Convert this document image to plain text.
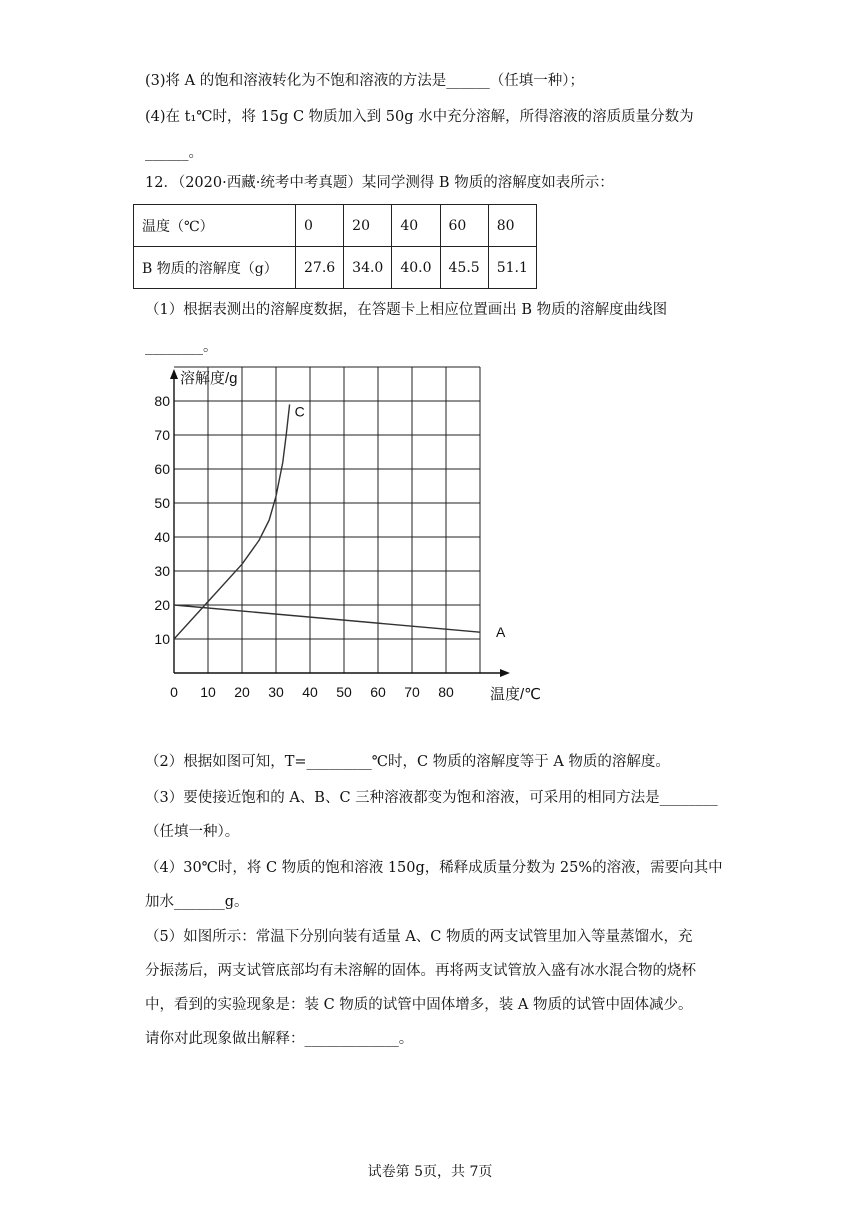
(3)将 A 的饱和溶液转化为不饱和溶液的方法是______（任填一种）；
(4)在 t₁℃时，将 15g C 物质加入到 50g 水中充分溶解，所得溶液的溶质质量分数为
______。
12．（2020·西藏·统考中考真题）某同学测得 B 物质的溶解度如表所示：
温度（℃）	0	20	40	60	80
B 物质的溶解度（g）	27.6	34.0	40.0	45.5	51.1
（1）根据表测出的溶解度数据，在答题卡上相应位置画出 B 物质的溶解度曲线图
________。
0 10 20 30 40 50 60 70 80
10
20
30
40
50
60
70
80
溶解度/g
温度/℃
C
A
（2）根据如图可知，T=_________℃时，C 物质的溶解度等于 A 物质的溶解度。
（3）要使接近饱和的 A、B、C 三种溶液都变为饱和溶液，可采用的相同方法是________
（任填一种）。
（4）30℃时，将 C 物质的饱和溶液 150g，稀释成质量分数为 25%的溶液，需要向其中
加水_______g。
（5）如图所示：常温下分别向装有适量 A、C 物质的两支试管里加入等量蒸馏水，充
分振荡后，两支试管底部均有未溶解的固体。再将两支试管放入盛有冰水混合物的烧杯
中，看到的实验现象是：装 C 物质的试管中固体增多，装 A 物质的试管中固体减少。
请你对此现象做出解释：_____________。
试卷第 5页，共 7页
